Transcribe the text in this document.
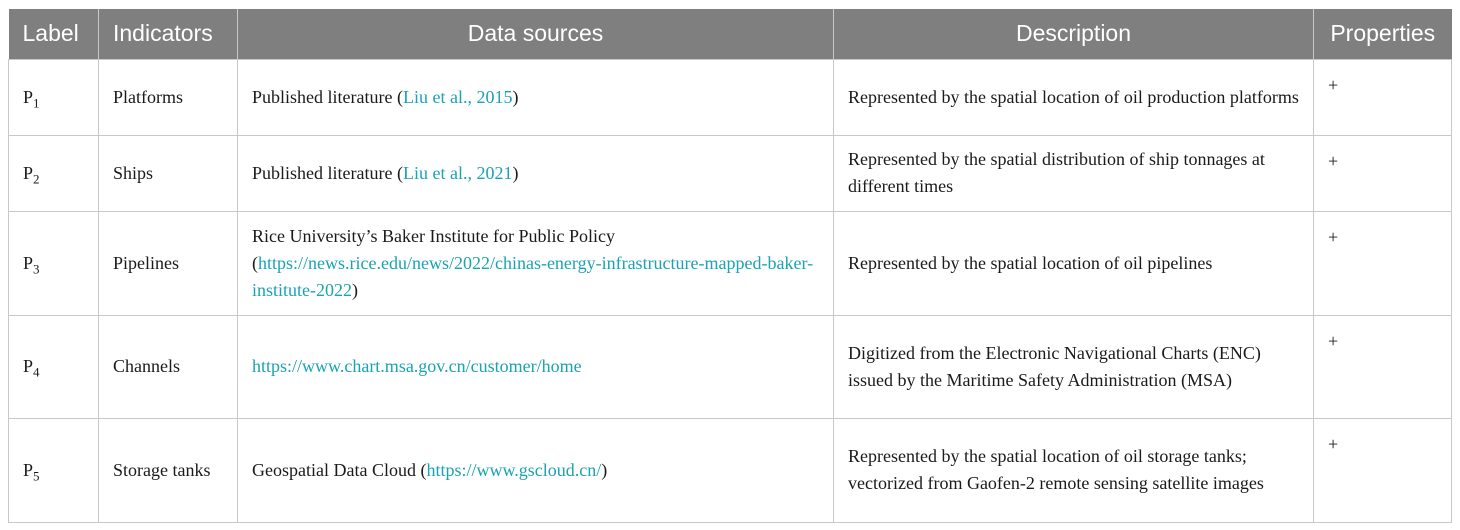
Label	Indicators	Data sources	Description	Properties
$P_1$	Platforms	Published literature (Liu et al., 2015)	Represented by the spatial location of oil production platforms	+
$P_2$	Ships	Published literature (Liu et al., 2021)	Represented by the spatial distribution of ship tonnages at different times	+
$P_3$	Pipelines	Rice University’s Baker Institute for Public Policy (https://news.rice.edu/news/2022/chinas-energy-infrastructure-mapped-baker-institute-2022)	Represented by the spatial location of oil pipelines	+
$P_4$	Channels	https://www.chart.msa.gov.cn/customer/home	Digitized from the Electronic Navigational Charts (ENC) issued by the Maritime Safety Administration (MSA)	+
$P_5$	Storage tanks	Geospatial Data Cloud (https://www.gscloud.cn/)	Represented by the spatial location of oil storage tanks; vectorized from Gaofen-2 remote sensing satellite images	+
